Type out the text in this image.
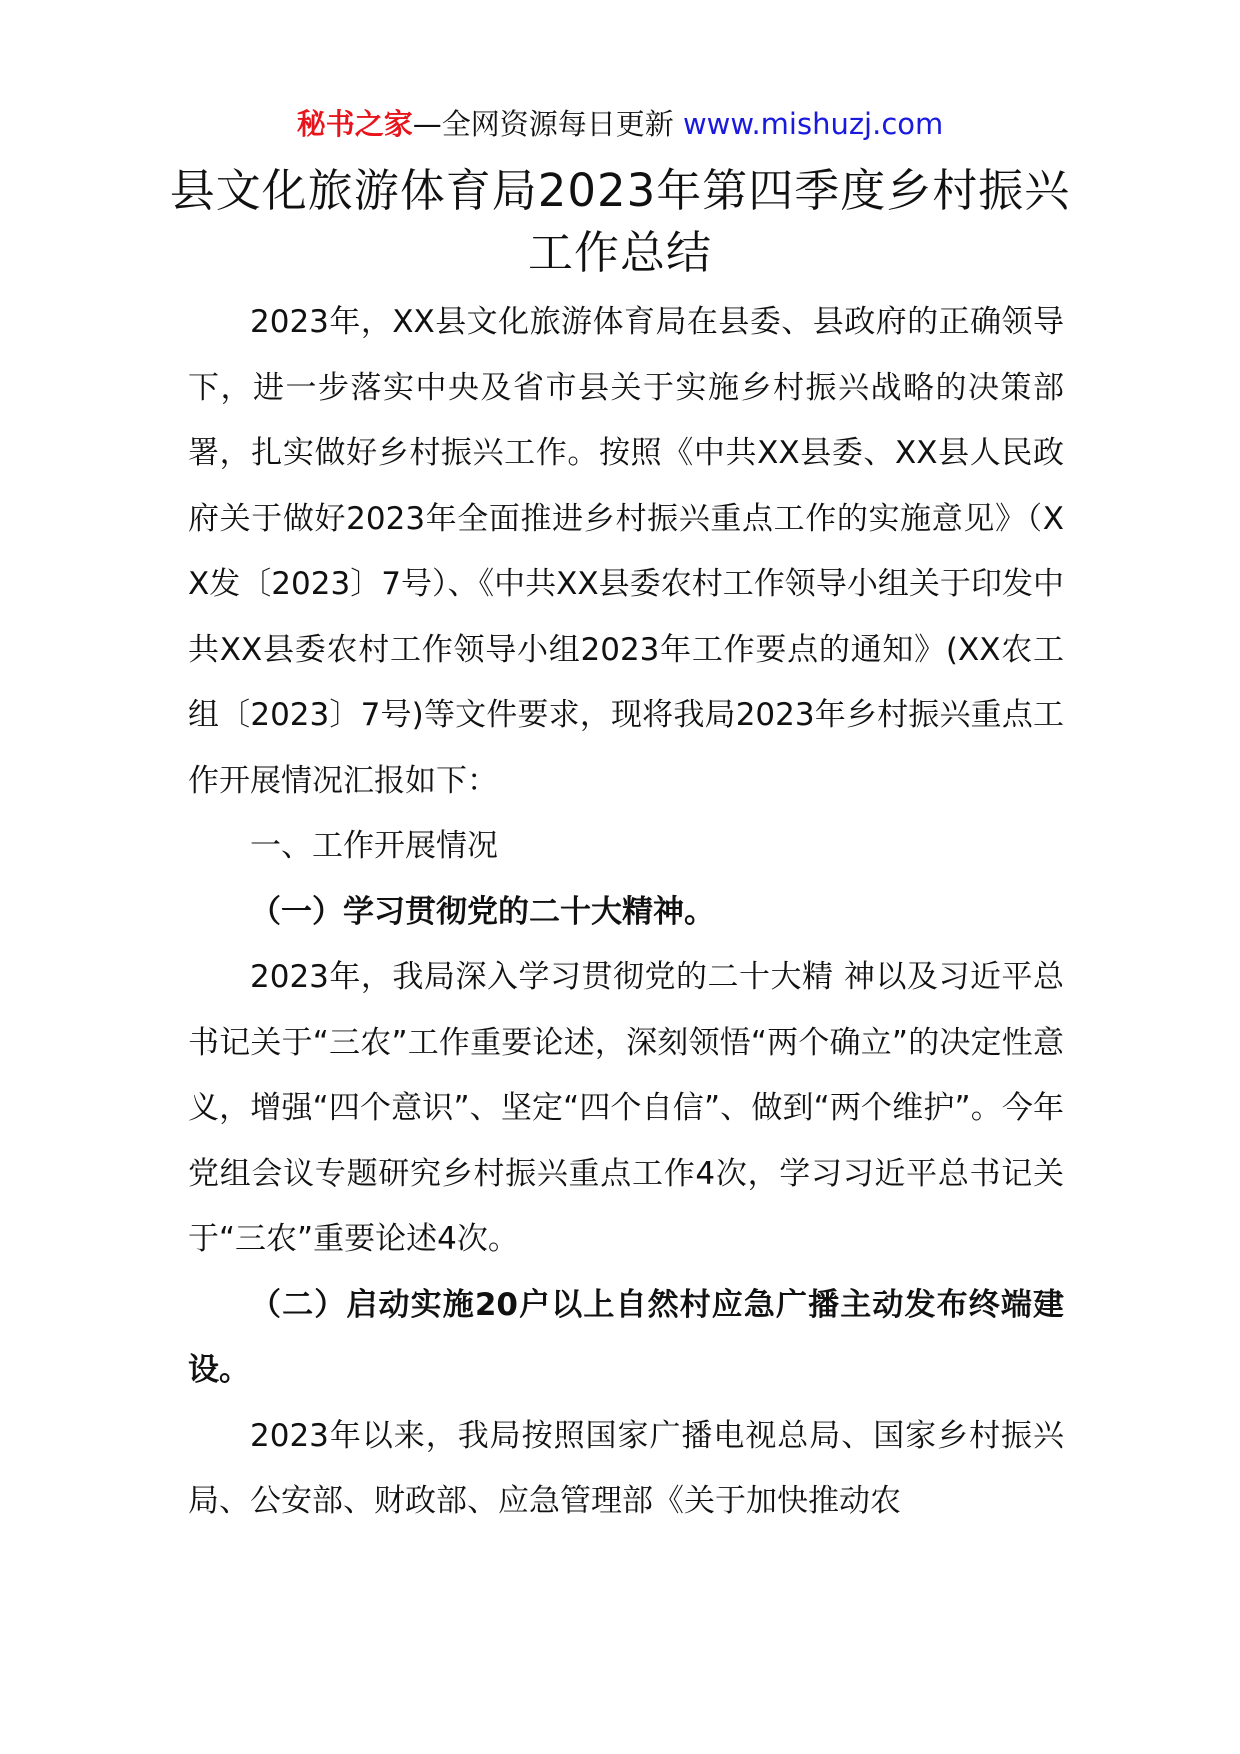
秘书之家—全网资源每日更新 www.mishuzj.com
县文化旅游体育局2023年第四季度乡村振兴工作总结

2023年，XX县文化旅游体育局在县委、县政府的正确领导下，进一步落实中央及省市县关于实施乡村振兴战略的决策部署，扎实做好乡村振兴工作。按照《中共XX县委、XX县人民政府关于做好2023年全面推进乡村振兴重点工作的实施意见》（XX发〔2023〕7号）、《中共XX县委农村工作领导小组关于印发中共XX县委农村工作领导小组2023年工作要点的通知》(XX农工组〔2023〕7号)等文件要求，现将我局2023年乡村振兴重点工作开展情况汇报如下：

一、工作开展情况

（一）学习贯彻党的二十大精神。

2023年，我局深入学习贯彻党的二十大精 神以及习近平总书记关于“三农”工作重要论述，深刻领悟“两个确立”的决定性意义，增强“四个意识”、坚定“四个自信”、做到“两个维护”。今年党组会议专题研究乡村振兴重点工作4次，学习习近平总书记关于“三农”重要论述4次。

（二）启动实施20户以上自然村应急广播主动发布终端建设。

2023年以来，我局按照国家广播电视总局、国家乡村振兴局、公安部、财政部、应急管理部《关于加快推动农
